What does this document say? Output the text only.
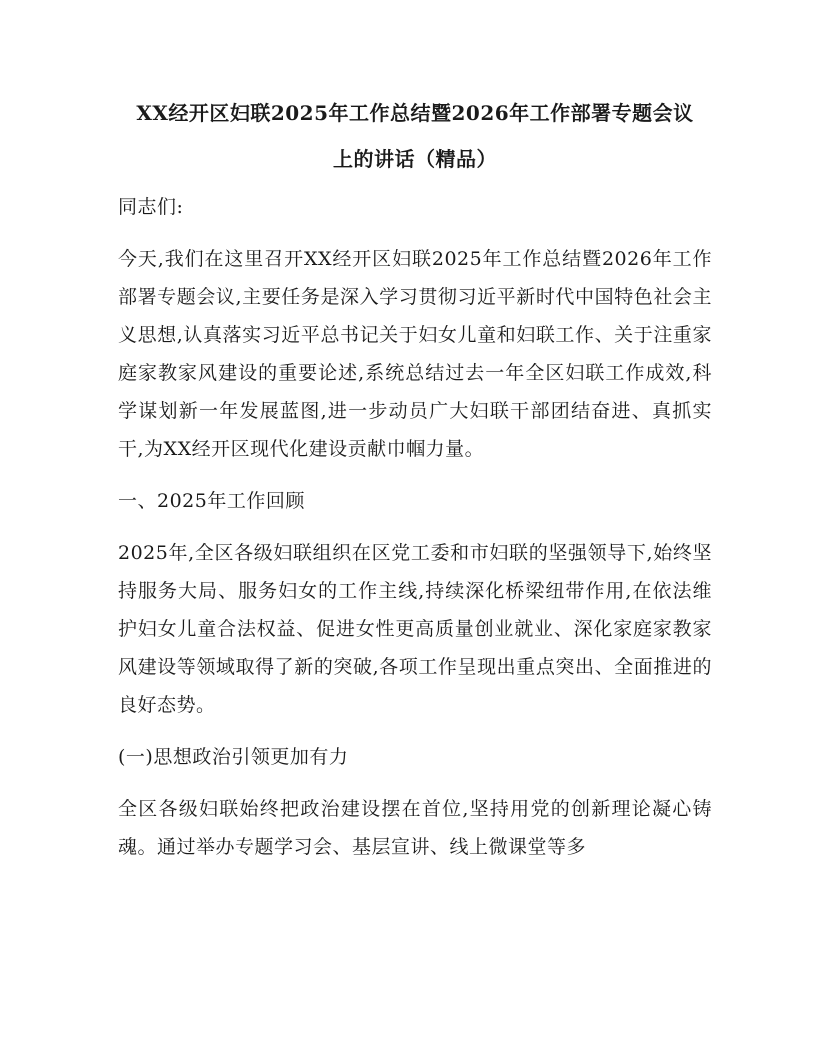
XX经开区妇联2025年工作总结暨2026年工作部署专题会议
上的讲话（精品）

同志们:

今天,我们在这里召开XX经开区妇联2025年工作总结暨2026年工作部署专题会议,主要任务是深入学习贯彻习近平新时代中国特色社会主义思想,认真落实习近平总书记关于妇女儿童和妇联工作、关于注重家庭家教家风建设的重要论述,系统总结过去一年全区妇联工作成效,科学谋划新一年发展蓝图,进一步动员广大妇联干部团结奋进、真抓实干,为XX经开区现代化建设贡献巾帼力量。

一、2025年工作回顾

2025年,全区各级妇联组织在区党工委和市妇联的坚强领导下,始终坚持服务大局、服务妇女的工作主线,持续深化桥梁纽带作用,在依法维护妇女儿童合法权益、促进女性更高质量创业就业、深化家庭家教家风建设等领域取得了新的突破,各项工作呈现出重点突出、全面推进的良好态势。

(一)思想政治引领更加有力

全区各级妇联始终把政治建设摆在首位,坚持用党的创新理论凝心铸魂。通过举办专题学习会、基层宣讲、线上微课堂等多
